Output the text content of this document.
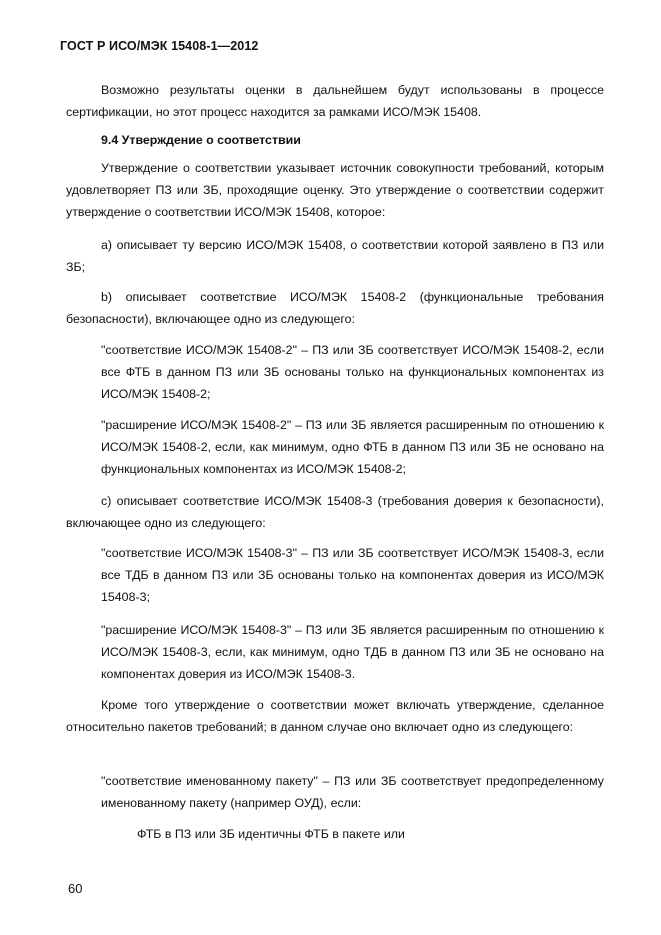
ГОСТ Р ИСО/МЭК 15408-1—2012

Возможно результаты оценки в дальнейшем будут использованы в процессе сертификации, но этот процесс находится за рамками ИСО/МЭК 15408.

9.4 Утверждение о соответствии

Утверждение о соответствии указывает источник совокупности требований, которым удовлетворяет ПЗ или ЗБ, проходящие оценку. Это утверждение о соответствии содержит утверждение о соответствии ИСО/МЭК 15408, которое:

а) описывает ту версию ИСО/МЭК 15408, о соответствии которой заявлено в ПЗ или ЗБ;

b) описывает соответствие ИСО/МЭК 15408-2 (функциональные требования безопасности), включающее одно из следующего:

"соответствие ИСО/МЭК 15408-2" – ПЗ или ЗБ соответствует ИСО/МЭК 15408-2, если все ФТБ в данном ПЗ или ЗБ основаны только на функциональных компонентах из ИСО/МЭК 15408-2;

"расширение ИСО/МЭК 15408-2" – ПЗ или ЗБ является расширенным по отношению к ИСО/МЭК 15408-2, если, как минимум, одно ФТБ в данном ПЗ или ЗБ не основано на функциональных компонентах из ИСО/МЭК 15408-2;

с) описывает соответствие ИСО/МЭК 15408-3 (требования доверия к безопасности), включающее одно из следующего:

"соответствие ИСО/МЭК 15408-3" – ПЗ или ЗБ соответствует ИСО/МЭК 15408-3, если все ТДБ в данном ПЗ или ЗБ основаны только на компонентах доверия из ИСО/МЭК 15408-3;

"расширение ИСО/МЭК 15408-3" – ПЗ или ЗБ является расширенным по отношению к ИСО/МЭК 15408-3, если, как минимум, одно ТДБ в данном ПЗ или ЗБ не основано на компонентах доверия из ИСО/МЭК 15408-3.

Кроме того утверждение о соответствии может включать утверждение, сделанное относительно пакетов требований; в данном случае оно включает одно из следующего:

"соответствие именованному пакету" – ПЗ или ЗБ соответствует предопределенному именованному пакету (например ОУД), если:

ФТБ в ПЗ или ЗБ идентичны ФТБ в пакете или
60
